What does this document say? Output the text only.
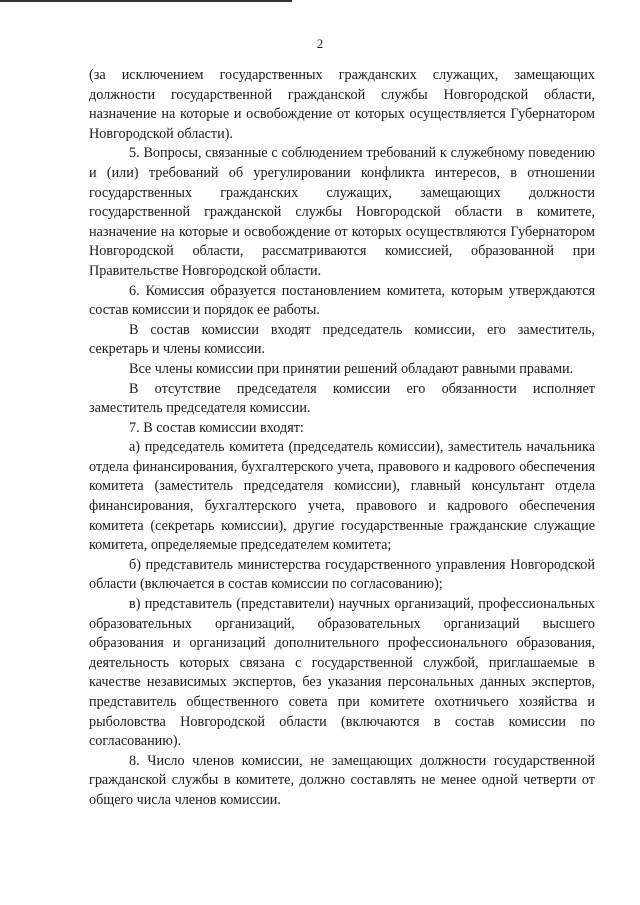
2

(за исключением государственных гражданских служащих, замещающих должности государственной гражданской службы Новгородской области, назначение на которые и освобождение от которых осуществляется Губернатором Новгородской области).

5. Вопросы, связанные с соблюдением требований к служебному поведению и (или) требований об урегулировании конфликта интересов, в отношении государственных гражданских служащих, замещающих должности государственной гражданской службы Новгородской области в комитете, назначение на которые и освобождение от которых осуществляются Губернатором Новгородской области, рассматриваются комиссией, образованной при Правительстве Новгородской области.

6. Комиссия образуется постановлением комитета, которым утверждаются состав комиссии и порядок ее работы.

В состав комиссии входят председатель комиссии, его заместитель, секретарь и члены комиссии.

Все члены комиссии при принятии решений обладают равными правами.

В отсутствие председателя комиссии его обязанности исполняет заместитель председателя комиссии.

7. В состав комиссии входят:

а) председатель комитета (председатель комиссии), заместитель начальника отдела финансирования, бухгалтерского учета, правового и кадрового обеспечения комитета (заместитель председателя комиссии), главный консультант отдела финансирования, бухгалтерского учета, правового и кадрового обеспечения комитета (секретарь комиссии), другие государственные гражданские служащие комитета, определяемые председателем комитета;

б) представитель министерства государственного управления Новгородской области (включается в состав комиссии по согласованию);

в) представитель (представители) научных организаций, профессиональных образовательных организаций, образовательных организаций высшего образования и организаций дополнительного профессионального образования, деятельность которых связана с государственной службой, приглашаемые в качестве независимых экспертов, без указания персональных данных экспертов, представитель общественного совета при комитете охотничьего хозяйства и рыболовства Новгородской области (включаются в состав комиссии по согласованию).

8. Число членов комиссии, не замещающих должности государственной гражданской службы в комитете, должно составлять не менее одной четверти от общего числа членов комиссии.
